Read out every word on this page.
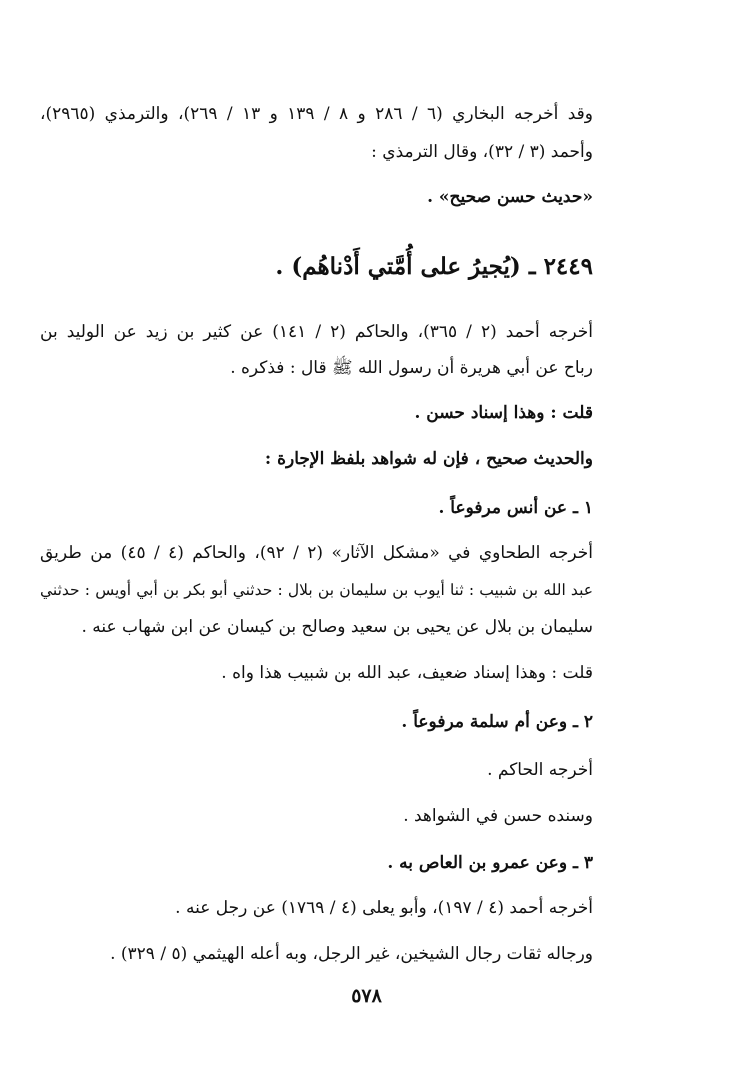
وقد أخرجه البخاري (٦ / ٢٨٦ و ٨ / ١٣٩ و ١٣ / ٢٦٩)، والترمذي (٢٩٦٥)،
وأحمد (٣ / ٣٢)، وقال الترمذي :
«حديث حسن صحيح» .
٢٤٤٩ ـ (يُجيرُ على أُمَّتي أَدْناهُم) .
أخرجه أحمد (٢ / ٣٦٥)، والحاكم (٢ / ١٤١) عن كثير بن زيد عن الوليد بن
رباح عن أبي هريرة أن رسول الله ﷺ قال : فذكره .
قلت : وهذا إسناد حسن .
والحديث صحيح ، فإن له شواهد بلفظ الإجارة :
١ ـ عن أنس مرفوعاً .
أخرجه الطحاوي في «مشكل الآثار» (٢ / ٩٢)، والحاكم (٤ / ٤٥) من طريق
عبد الله بن شبيب : ثنا أيوب بن سليمان بن بلال : حدثني أبو بكر بن أبي أويس : حدثني
سليمان بن بلال عن يحيى بن سعيد وصالح بن كيسان عن ابن شهاب عنه .
قلت : وهذا إسناد ضعيف، عبد الله بن شبيب هذا واه .
٢ ـ وعن أم سلمة مرفوعاً .
أخرجه الحاكم .
وسنده حسن في الشواهد .
٣ ـ وعن عمرو بن العاص به .
أخرجه أحمد (٤ / ١٩٧)، وأبو يعلى (٤ / ١٧٦٩) عن رجل عنه .
ورجاله ثقات رجال الشيخين، غير الرجل، وبه أعله الهيثمي (٥ / ٣٢٩) .
٥٧٨
